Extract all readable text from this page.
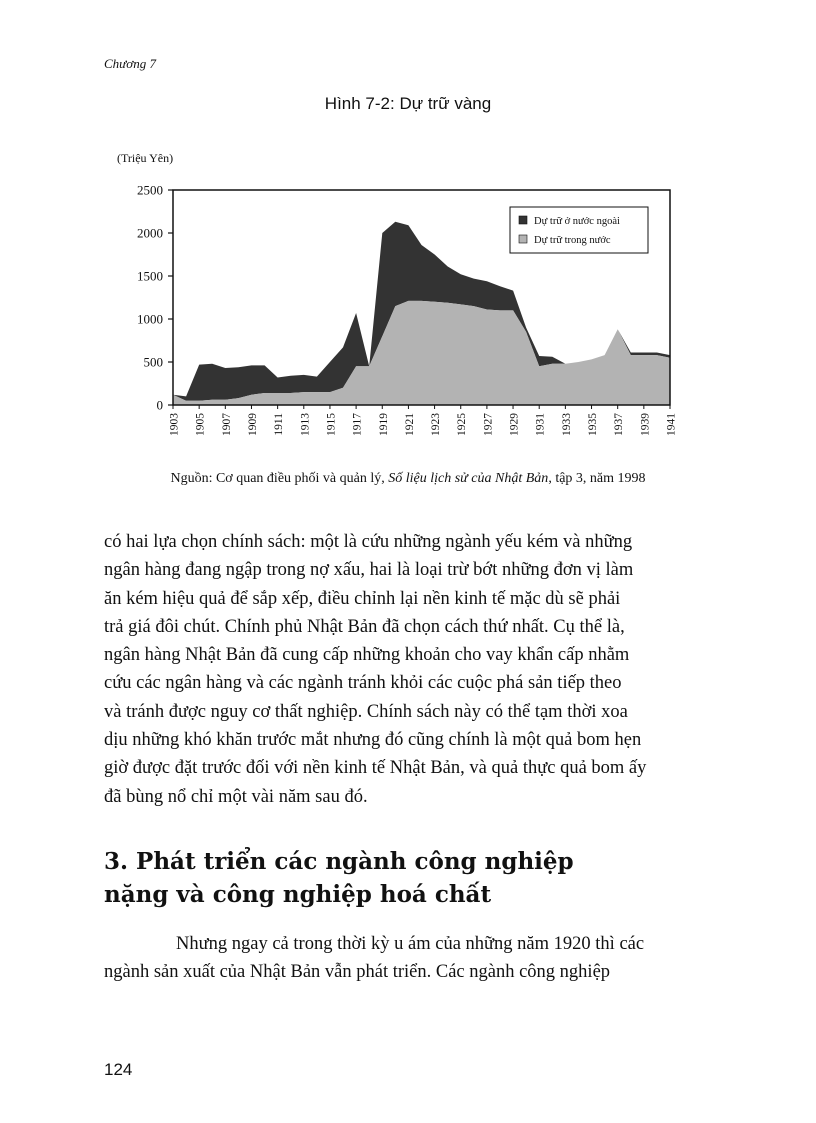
Chương 7
Hình 7-2: Dự trữ vàng
0
500
1000
1500
2000
2500
(Triệu Yên)
1903 1905 1907 1909 1911 1913 1915 1917 1919 1921 1923 1925 1927 1929 1931 1933 1935 1937 1939 1941
Dự trữ ở nước ngoài
Dự trữ trong nước
Nguồn: Cơ quan điều phối và quản lý, Số liệu lịch sử của Nhật Bản, tập 3, năm 1998
có hai lựa chọn chính sách: một là cứu những ngành yếu kém và những
ngân hàng đang ngập trong nợ xấu, hai là loại trừ bớt những đơn vị làm
ăn kém hiệu quả để sắp xếp, điều chỉnh lại nền kinh tế mặc dù sẽ phải
trả giá đôi chút. Chính phủ Nhật Bản đã chọn cách thứ nhất. Cụ thể là,
ngân hàng Nhật Bản đã cung cấp những khoản cho vay khẩn cấp nhằm
cứu các ngân hàng và các ngành tránh khỏi các cuộc phá sản tiếp theo
và tránh được nguy cơ thất nghiệp. Chính sách này có thể tạm thời xoa
dịu những khó khăn trước mắt nhưng đó cũng chính là một quả bom hẹn
giờ được đặt trước đối với nền kinh tế Nhật Bản, và quả thực quả bom ấy
đã bùng nổ chỉ một vài năm sau đó.
3. Phát triển các ngành công nghiệp
nặng và công nghiệp hoá chất
Nhưng ngay cả trong thời kỳ u ám của những năm 1920 thì các
ngành sản xuất của Nhật Bản vẫn phát triển. Các ngành công nghiệp
124
